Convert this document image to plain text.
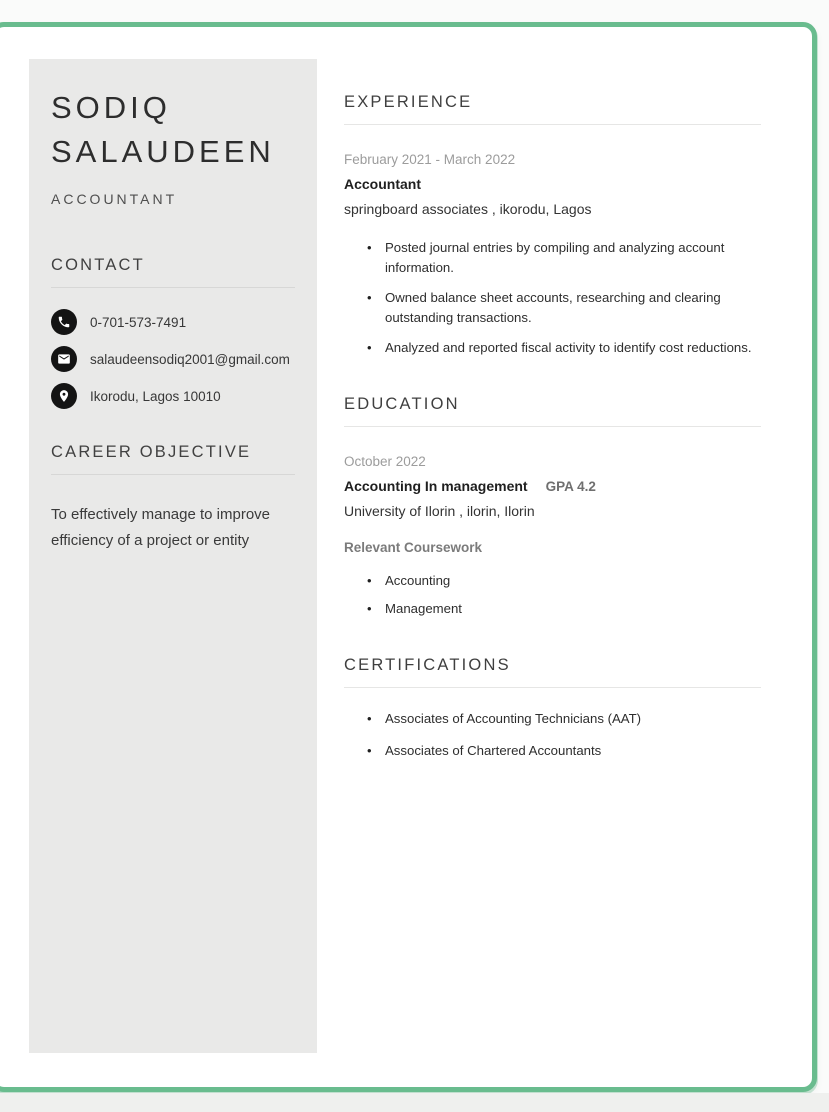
SODIQ
SALAUDEEN
ACCOUNTANT
CONTACT
0-701-573-7491
salaudeensodiq2001@gmail.com
Ikorodu, Lagos 10010
CAREER OBJECTIVE

To effectively manage to improve efficiency of a project or entity

EXPERIENCE
February 2021 - March 2022
Accountant
springboard associates , ikorodu, Lagos
• Posted journal entries by compiling and analyzing account information.
• Owned balance sheet accounts, researching and clearing outstanding transactions.
• Analyzed and reported fiscal activity to identify cost reductions.
EDUCATION
October 2022
Accounting In management GPA 4.2
University of Ilorin , ilorin, Ilorin
Relevant Coursework
• Accounting
• Management
CERTIFICATIONS
• Associates of Accounting Technicians (AAT)
• Associates of Chartered Accountants
